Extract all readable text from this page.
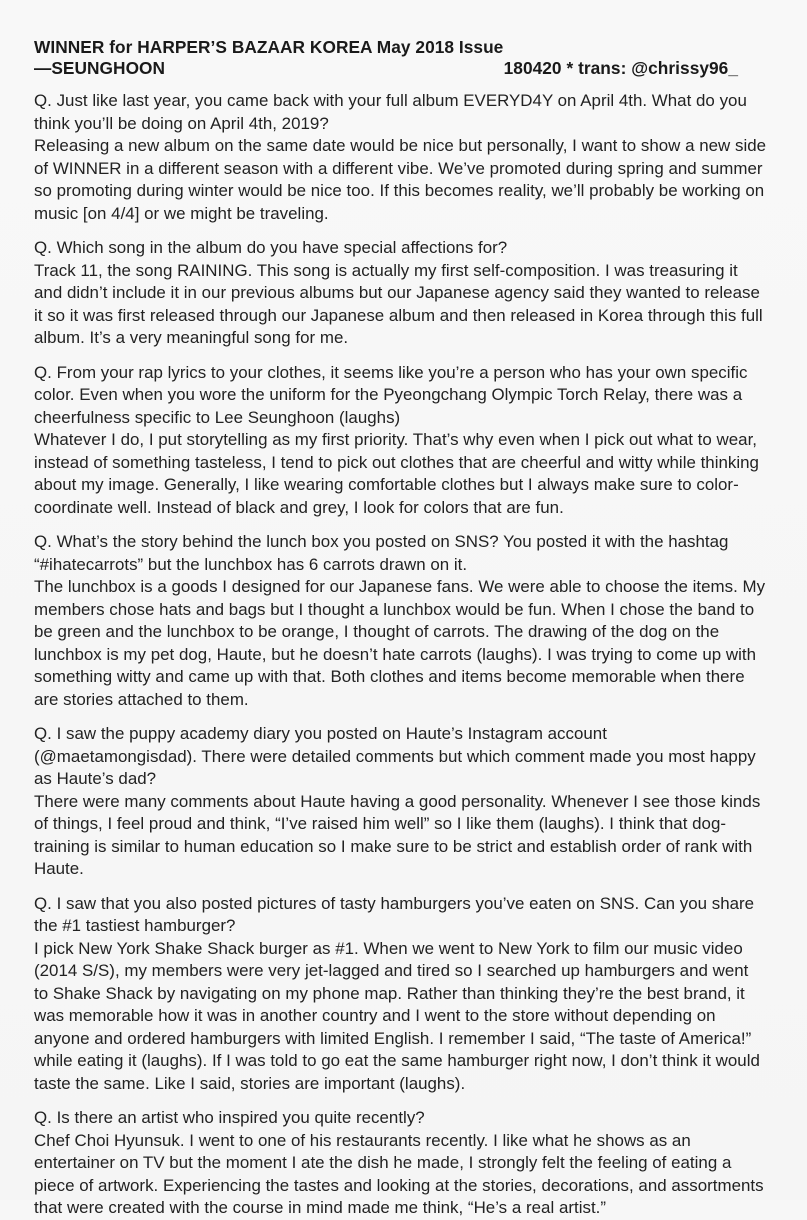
WINNER for HARPER’S BAZAAR KOREA May 2018 Issue
—SEUNGHOON	180420 * trans: @chrissy96_
Q. Just like last year, you came back with your full album EVERYD4Y on April 4th. What do you think you’ll be doing on April 4th, 2019?
Releasing a new album on the same date would be nice but personally, I want to show a new side of WINNER in a different season with a different vibe. We’ve promoted during spring and summer so promoting during winter would be nice too. If this becomes reality, we’ll probably be working on music [on 4/4] or we might be traveling.
Q. Which song in the album do you have special affections for?
Track 11, the song RAINING. This song is actually my first self-composition. I was treasuring it and didn’t include it in our previous albums but our Japanese agency said they wanted to release it so it was first released through our Japanese album and then released in Korea through this full album. It’s a very meaningful song for me.
Q. From your rap lyrics to your clothes, it seems like you’re a person who has your own specific color. Even when you wore the uniform for the Pyeongchang Olympic Torch Relay, there was a cheerfulness specific to Lee Seunghoon (laughs)
Whatever I do, I put storytelling as my first priority. That’s why even when I pick out what to wear, instead of something tasteless, I tend to pick out clothes that are cheerful and witty while thinking about my image. Generally, I like wearing comfortable clothes but I always make sure to color-coordinate well. Instead of black and grey, I look for colors that are fun.
Q. What’s the story behind the lunch box you posted on SNS? You posted it with the hashtag “#ihatecarrots” but the lunchbox has 6 carrots drawn on it.
The lunchbox is a goods I designed for our Japanese fans. We were able to choose the items. My members chose hats and bags but I thought a lunchbox would be fun. When I chose the band to be green and the lunchbox to be orange, I thought of carrots. The drawing of the dog on the lunchbox is my pet dog, Haute, but he doesn’t hate carrots (laughs). I was trying to come up with something witty and came up with that. Both clothes and items become memorable when there are stories attached to them.
Q. I saw the puppy academy diary you posted on Haute’s Instagram account (@maetamongisdad). There were detailed comments but which comment made you most happy as Haute’s dad?
There were many comments about Haute having a good personality. Whenever I see those kinds of things, I feel proud and think, “I’ve raised him well” so I like them (laughs). I think that dog-training is similar to human education so I make sure to be strict and establish order of rank with Haute.
Q. I saw that you also posted pictures of tasty hamburgers you’ve eaten on SNS. Can you share the #1 tastiest hamburger?
I pick New York Shake Shack burger as #1. When we went to New York to film our music video (2014 S/S), my members were very jet-lagged and tired so I searched up hamburgers and went to Shake Shack by navigating on my phone map. Rather than thinking they’re the best brand, it was memorable how it was in another country and I went to the store without depending on anyone and ordered hamburgers with limited English. I remember I said, “The taste of America!” while eating it (laughs). If I was told to go eat the same hamburger right now, I don’t think it would taste the same. Like I said, stories are important (laughs).
Q. Is there an artist who inspired you quite recently?
Chef Choi Hyunsuk. I went to one of his restaurants recently. I like what he shows as an entertainer on TV but the moment I ate the dish he made, I strongly felt the feeling of eating a piece of artwork. Experiencing the tastes and looking at the stories, decorations, and assortments that were created with the course in mind made me think, “He’s a real artist.”
